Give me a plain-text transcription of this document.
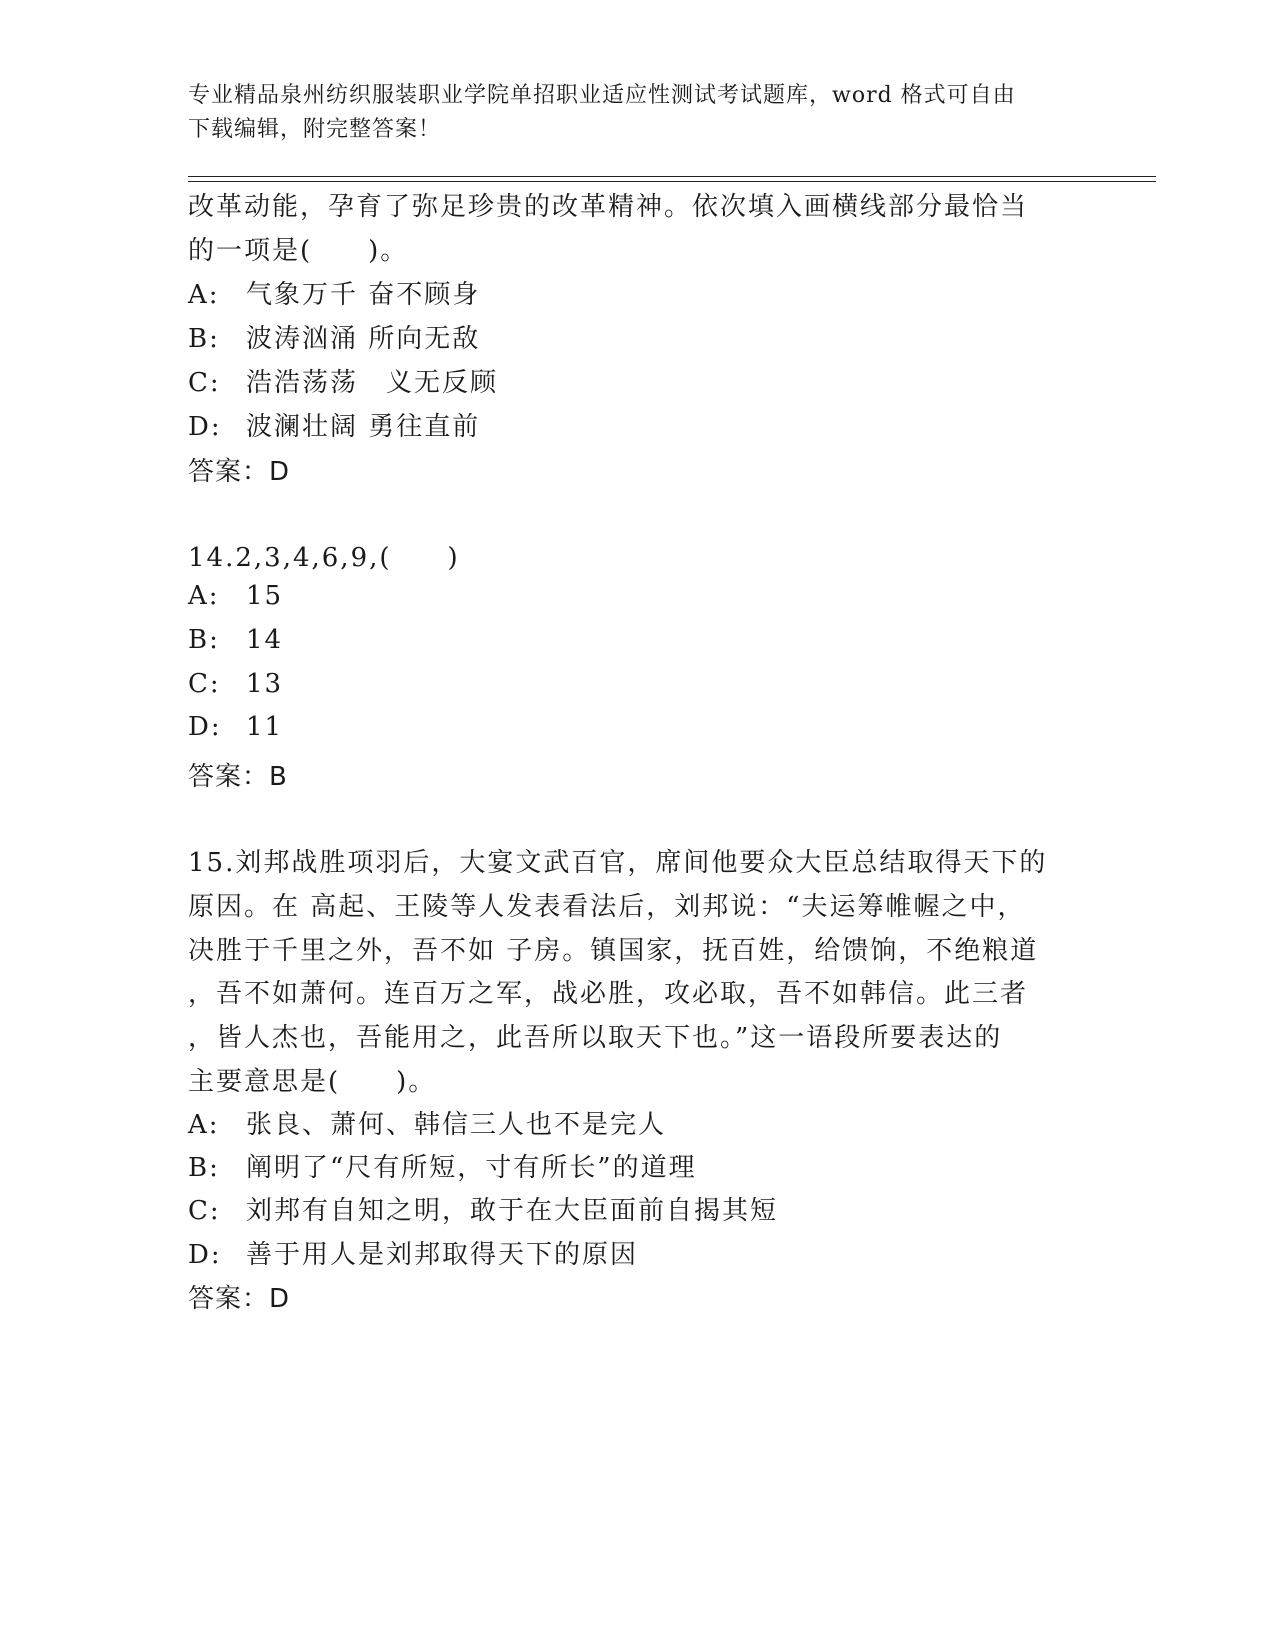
专业精品泉州纺织服装职业学院单招职业适应性测试考试题库，word 格式可自由
下载编辑，附完整答案！
改革动能，孕育了弥足珍贵的改革精神。依次填入画横线部分最恰当
的一项是(　　)。
A: 气象万千 奋不顾身
B: 波涛汹涌 所向无敌
C: 浩浩荡荡　义无反顾
D: 波澜壮阔 勇往直前
答案：D
14.2,3,4,6,9,(　　)
A: 15
B: 14
C: 13
D: 11
答案：B
15.刘邦战胜项羽后，大宴文武百官，席间他要众大臣总结取得天下的
原因。在 高起、王陵等人发表看法后，刘邦说：“夫运筹帷幄之中，
决胜于千里之外，吾不如 子房。镇国家，抚百姓，给馈饷，不绝粮道
，吾不如萧何。连百万之军，战必胜，攻必取，吾不如韩信。此三者
，皆人杰也，吾能用之，此吾所以取天下也。”这一语段所要表达的
主要意思是(　　)。
A: 张良、萧何、韩信三人也不是完人
B: 阐明了“尺有所短，寸有所长”的道理
C: 刘邦有自知之明，敢于在大臣面前自揭其短
D: 善于用人是刘邦取得天下的原因
答案：D
